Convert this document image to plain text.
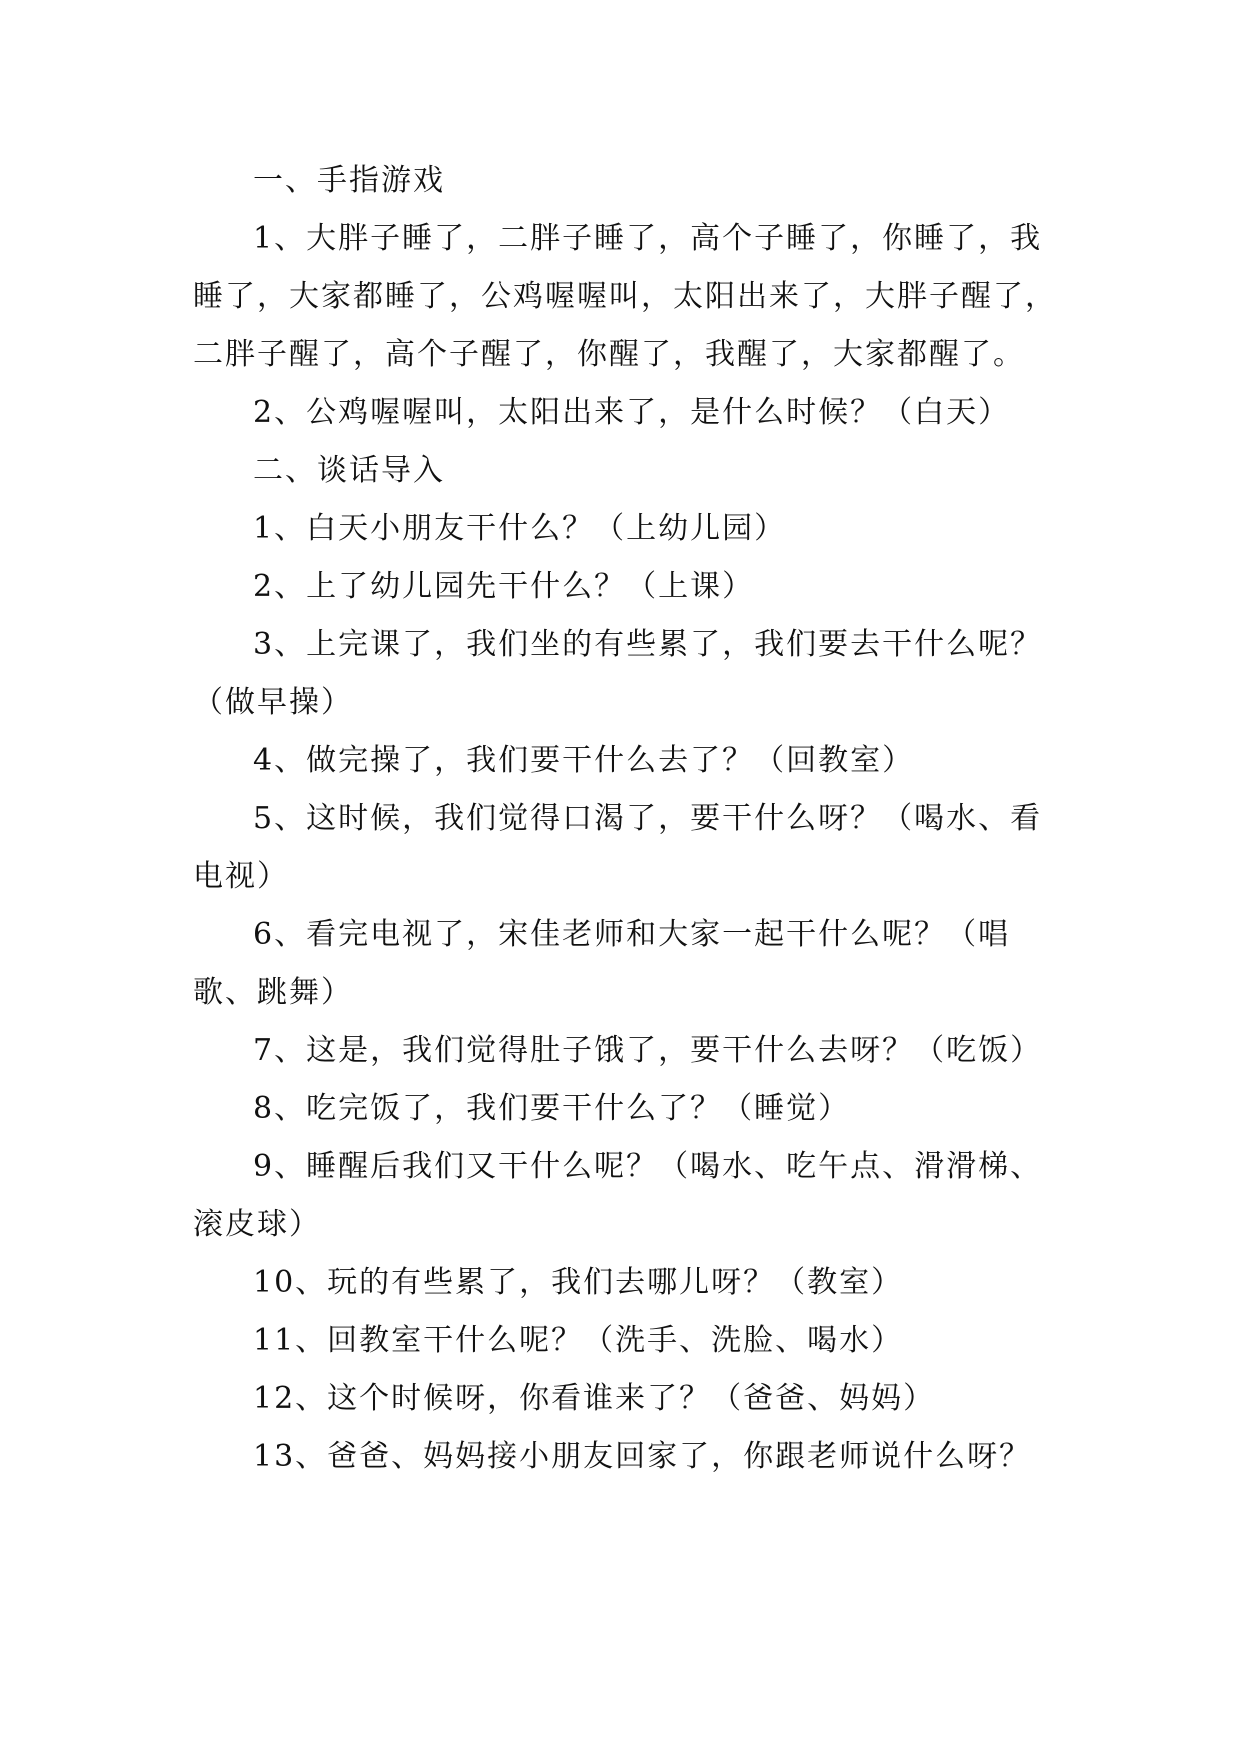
一、手指游戏

1、大胖子睡了，二胖子睡了，高个子睡了，你睡了，我睡了，大家都睡了，公鸡喔喔叫，太阳出来了，大胖子醒了，二胖子醒了，高个子醒了，你醒了，我醒了，大家都醒了。

2、公鸡喔喔叫，太阳出来了，是什么时候？（白天）

二、谈话导入

1、白天小朋友干什么？（上幼儿园）

2、上了幼儿园先干什么？（上课）

3、上完课了，我们坐的有些累了，我们要去干什么呢？（做早操）

4、做完操了，我们要干什么去了？（回教室）

5、这时候，我们觉得口渴了，要干什么呀？（喝水、看电视）

6、看完电视了，宋佳老师和大家一起干什么呢？（唱歌、跳舞）

7、这是，我们觉得肚子饿了，要干什么去呀？（吃饭）

8、吃完饭了，我们要干什么了？（睡觉）

9、睡醒后我们又干什么呢？（喝水、吃午点、滑滑梯、滚皮球）

10、玩的有些累了，我们去哪儿呀？（教室）

11、回教室干什么呢？（洗手、洗脸、喝水）

12、这个时候呀，你看谁来了？（爸爸、妈妈）

13、爸爸、妈妈接小朋友回家了，你跟老师说什么呀？
